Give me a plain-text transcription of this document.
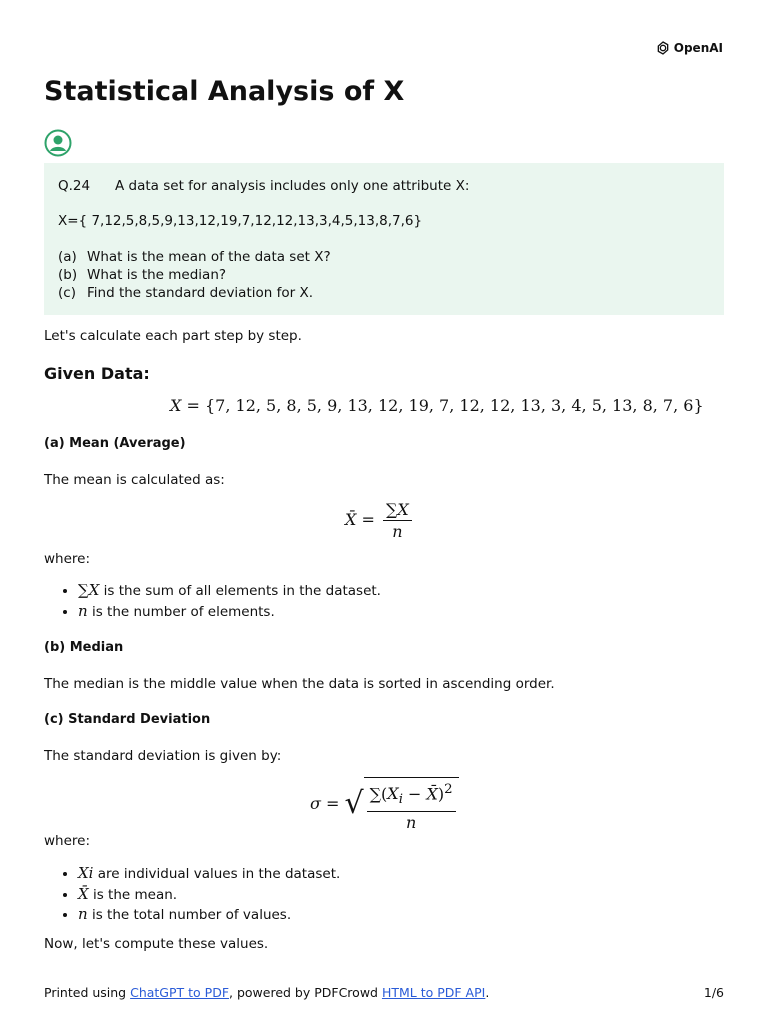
OpenAI
Statistical Analysis of X
Q.24 A data set for analysis includes only one attribute X:
X={ 7,12,5,8,5,9,13,12,19,7,12,12,13,3,4,5,13,8,7,6}
(a) What is the mean of the data set X?
(b) What is the median?
(c) Find the standard deviation for X.
Let's calculate each part step by step.
Given Data:
X = {7, 12, 5, 8, 5, 9, 13, 12, 19, 7, 12, 12, 13, 3, 4, 5, 13, 8, 7, 6}
(a) Mean (Average)
The mean is calculated as:
X̄ = $\frac{\sum X}{n}$
where:
• ∑X is the sum of all elements in the dataset.
• n is the number of elements.
(b) Median
The median is the middle value when the data is sorted in ascending order.
(c) Standard Deviation
The standard deviation is given by:
σ = √ $\frac{\sum(X_i - X̄)^2}{n}$
where:
• Xi are individual values in the dataset.
• X̄ is the mean.
• n is the total number of values.
Now, let's compute these values.
Printed using ChatGPT to PDF, powered by PDFCrowd HTML to PDF API.	1/6
